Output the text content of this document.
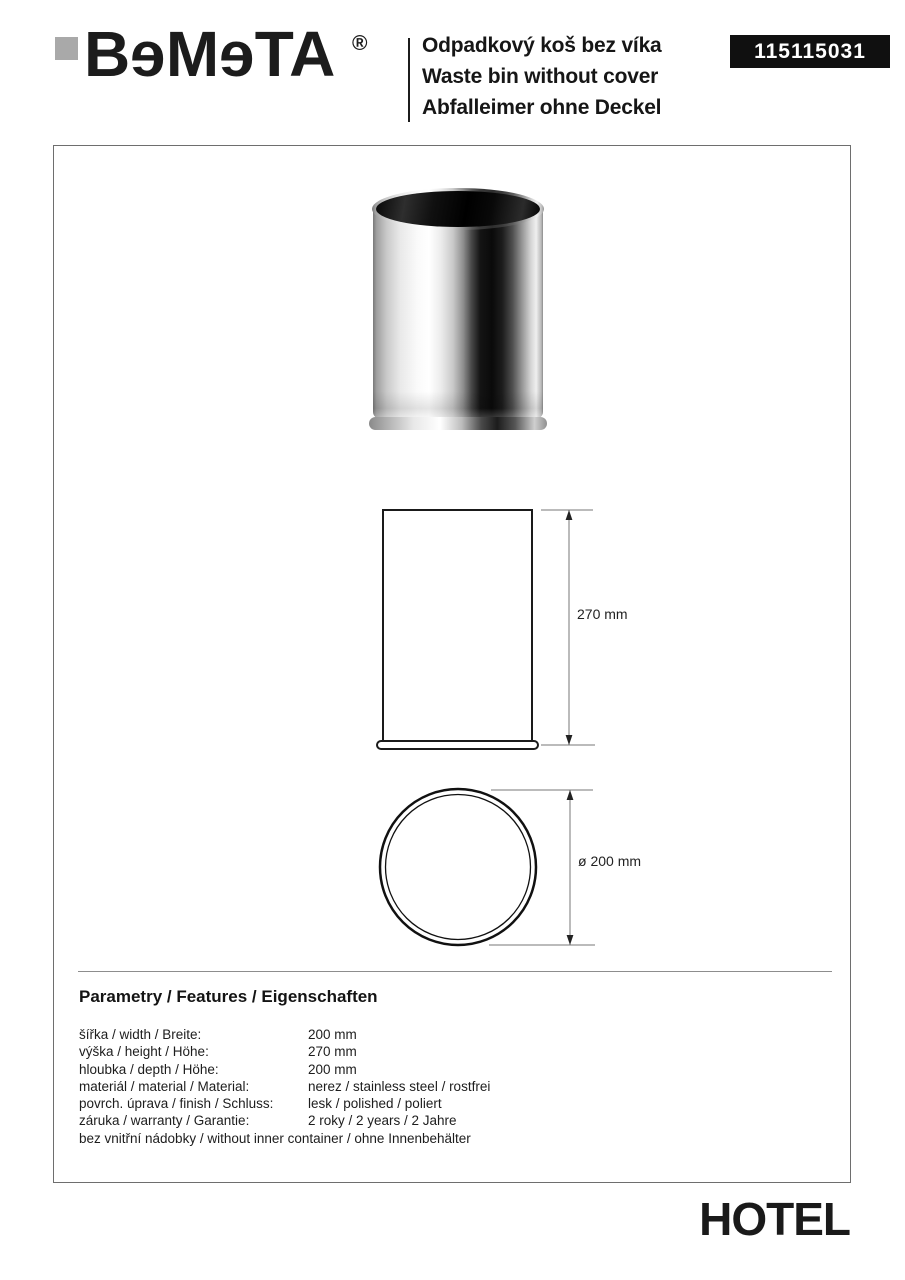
BeMeTA ®	Odpadkový koš bez víka
Waste bin without cover
Abfalleimer ohne Deckel
115115031
270 mm
ø 200 mm
Parametry / Features / Eigenschaften
šířka / width / Breite:	200 mm
výška / height / Höhe:	270 mm
hloubka / depth / Höhe:	200 mm
materiál / material / Material:	nerez / stainless steel / rostfrei
povrch. úprava / finish / Schluss:	lesk / polished / poliert
záruka / warranty / Garantie:	2 roky / 2 years / 2 Jahre
bez vnitřní nádobky / without inner container / ohne Innenbehälter
HOTEL
